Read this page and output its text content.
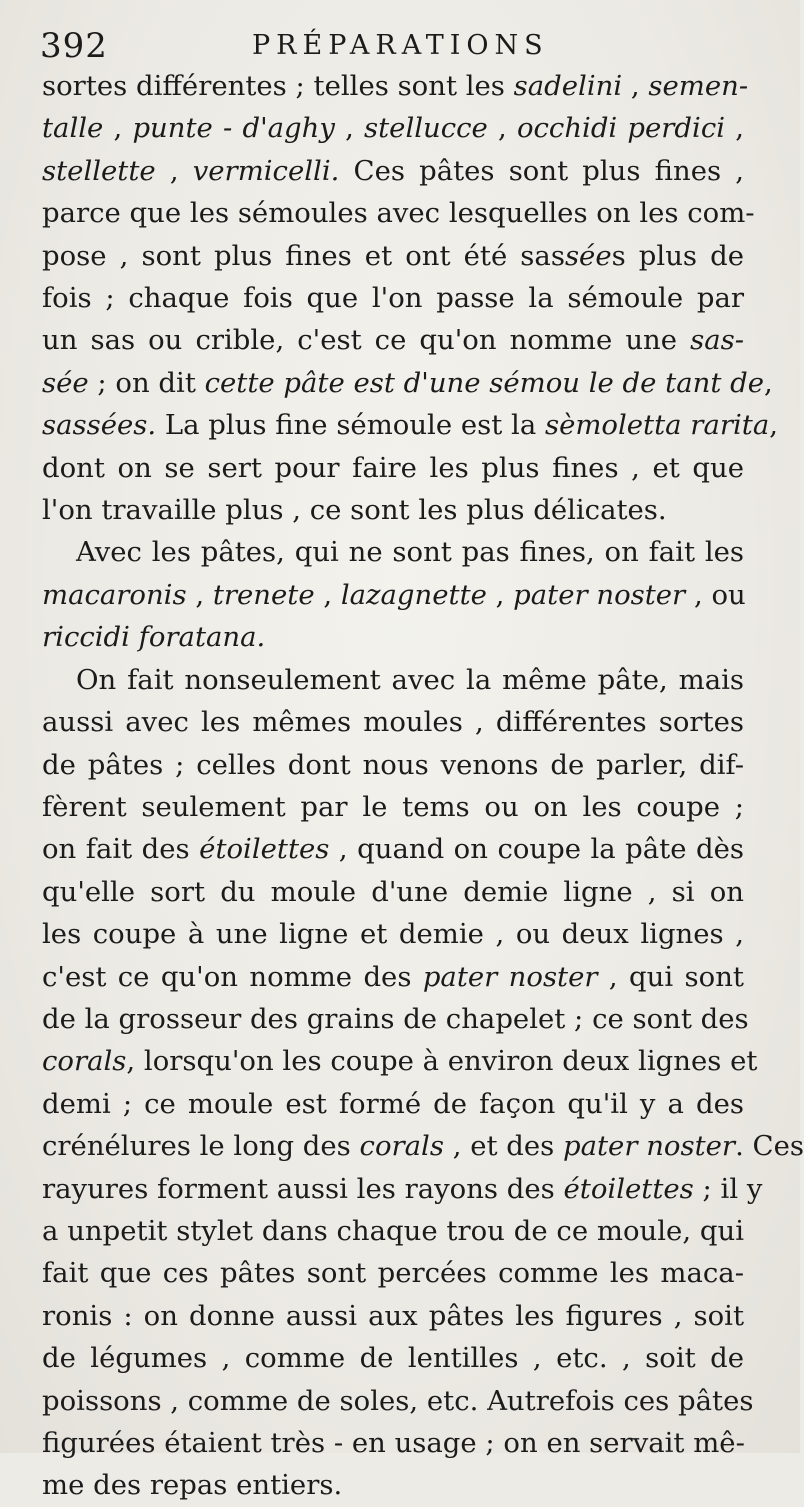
392	PRÉPARATIONS
sortes différentes ; telles sont les sadelini , semen-
talle , punte - d'aghy , stellucce , occhidi perdici ,
stellette , vermicelli. Ces pâtes sont plus fines ,
parce que les sémoules avec lesquelles on les com-
pose , sont plus fines et ont été sassées plus de
fois ; chaque fois que l'on passe la sémoule par
un sas ou crible, c'est ce qu'on nomme une sas-
sée ; on dit cette pâte est d'une sémou le de tant de,
sassées. La plus fine sémoule est la sèmoletta rarita,
dont on se sert pour faire les plus fines , et que
l'on travaille plus , ce sont les plus délicates.
Avec les pâtes, qui ne sont pas fines, on fait les
macaronis , trenete , lazagnette , pater noster , ou
riccidi foratana.
On fait nonseulement avec la même pâte, mais
aussi avec les mêmes moules , différentes sortes
de pâtes ; celles dont nous venons de parler, dif-
fèrent seulement par le tems ou on les coupe ;
on fait des étoilettes , quand on coupe la pâte dès
qu'elle sort du moule d'une demie ligne , si on
les coupe à une ligne et demie , ou deux lignes ,
c'est ce qu'on nomme des pater noster , qui sont
de la grosseur des grains de chapelet ; ce sont des
corals, lorsqu'on les coupe à environ deux lignes et
demi ; ce moule est formé de façon qu'il y a des
crénélures le long des corals , et des pater noster. Ces
rayures forment aussi les rayons des étoilettes ; il y
a unpetit stylet dans chaque trou de ce moule, qui
fait que ces pâtes sont percées comme les maca-
ronis : on donne aussi aux pâtes les figures , soit
de légumes , comme de lentilles , etc. , soit de
poissons , comme de soles, etc. Autrefois ces pâtes
figurées étaient très - en usage ; on en servait mê-
me des repas entiers.
